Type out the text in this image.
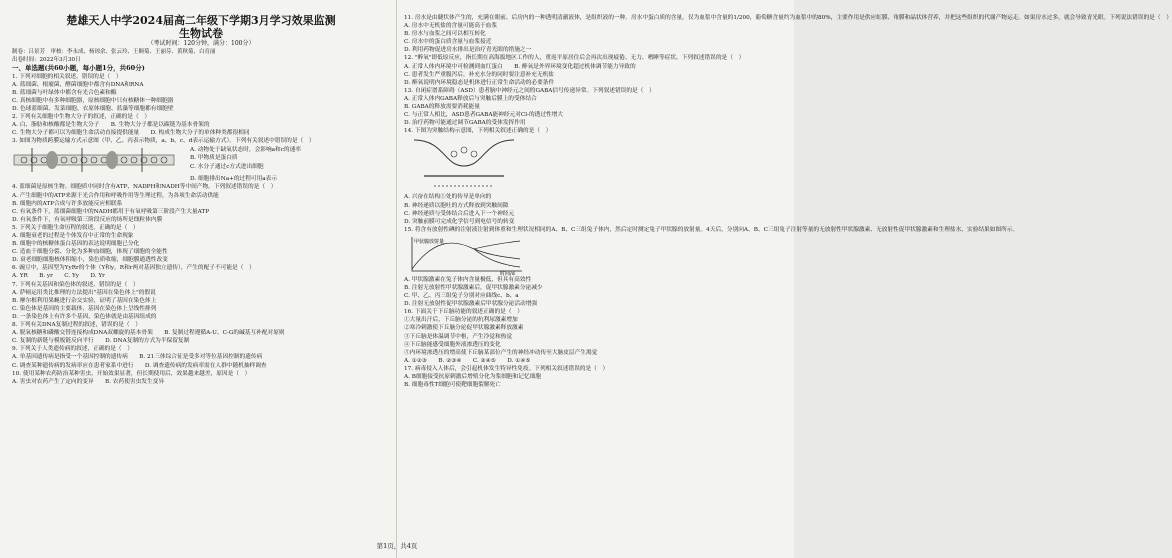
楚雄天人中学2024届高二年级下学期3月学习效果监测
生物试卷
（考试时间：120分钟，满分：100分）
制卷：吕景芳　审核：李永成、杨琼余、张云玲、王顺菊、王丽芬、黄秋菊、白育丽
出卷时间：2022年3月30日
一、单选题(共60小题，每小题1分，共60分)
1. 下列对细胞的相关叙述，错误的是（　）
A. 蓝细菌、根瘤菌、酵菌细胞中都含有DNA和RNA
B. 蓝细菌与叶绿体中都含有光合色素和酶
C. 真核细胞中有多种细胞器，原核细胞中只有核糖体一种细胞器
D. 色球蓝细菌、发菜细胞、衣原体细胞、蓝藻等细胞都有细胞壁
2. 下列有关细胞中生物大分子的叙述，正确的是（　）
A. 白、脂肪和核酸都是生物大分子　　B. 生物大分子都是以碳链为基本骨架的
C. 生物大分子都可以为细胞生命活动直接提供能量　　D. 构成生物大分子的单体种类都很相同
3. 如图为物质跨膜运输方式示意图（甲、乙、丙表示物质，a、b、c、d表示运输方式）。下列有关叙述中错误的是（　）
A. 动物处于缺氧状态时，会影响a和c的速率
B. 甲物质是蛋白质
C. 水分子通过c方式进出细胞
D. 细胞排出Na+的过程可用a表示
4. 蓝细菌是原核生物。细胞质中同时含有ATP、NADPH和NADH等中间产物。下列叙述错误的是（　）
A. 产生细胞中的ATP来源于光合作用和呼吸作用等生理过程，为各项生命活动供能
B. 细胞内的ATP合成与许多放能反应相联系
C. 有氧条件下，蓝细菌细胞中的NADH都用于有氧呼吸第三阶段产生大量ATP
D. 有氧条件下，有氧呼吸第三阶段反应的场所是线粒体内膜
5. 下列关于细胞生命历程的叙述，正确的是（　）
A. 细胞衰老的过程是个体发育中正常的生命现象
B. 细胞中的核糖体蛋白基因的表达说明细胞已分化
C. 造血干细胞分裂、分化为多种血细胞，体现了细胞的全能性
D. 衰老细胞细胞核体积缩小，染色质收缩，细胞膜通透性改变
6. 豌豆中，基因型为YyRr的个体（Y和y，R和r两对基因独立遗传），产生的配子不可能是（　）
A. YR　　B. yr　　C. Yy　　D. Yr
7. 下列有关基因和染色体的叙述，错误的是（　）
A. 萨顿运用类比推理的方法提出"基因在染色体上"的假说
B. 摩尔根利用果蝇进行杂交实验，证明了基因在染色体上
C. 染色体是基因的主要载体，基因在染色体上呈线性排列
D. 一条染色体上有许多个基因，染色体就是由基因组成的
8. 下列有关DNA复制过程的叙述，错误的是（　）
A. 脱氧核糖和磷酸交替连接构成DNA双螺旋的基本骨架　　B. 复制过程遵循A-U、C-G的碱基互补配对原则
C. 复制的新链与模板链反向平行　　D. DNA复制的方式为半保留复制
9. 下列关于人类遗传病的叙述，正确的是（　）
A. 单基因遗传病是指受一个基因控制的遗传病　　B. 21三体综合征是受多对等位基因控制的遗传病
C. 调查某种遗传病的发病率应在患者家系中进行　　D. 调查遗传病的发病率需在人群中随机抽样调查
10. 使用某种农药防治某种害虫，开始效果显著，但长期使用后，效果越来越差，原因是（　）
A. 害虫对农药产生了定向的变异　　B. 农药使害虫发生变异
11. 房水是由睫状体产生的，充满在眼前、后房内的一种透明清澈液体，是组织液的一种。房水中蛋白质的含量，仅为血浆中含量的1/200，葡萄糖含量约为血浆中的80%，主要作用是供应虹膜、角膜和晶状体营养，并把这些组织的代谢产物运走。如果房水过多，就会导致青光眼。下列说法错误的是（　）
A. 房水中无机盐的含量可能高于血浆
B. 房水与血浆之间可以相互转化
C. 房水中的蛋白质含量与血浆接近
D. 利用药物促进房水排出是治疗青光眼的措施之一
12. "醉氧"即低原反应，指长期在高海拔地区工作的人，重返平原居住后会再次出现疲倦、无力、嗜睡等症状。下列叙述错误的是（　）
A. 正常人体内环境中可检测到血红蛋白　　B. 醉氧是外界环境变化超过机体调节能力导致的
C. 患者发生严重腹泻后，补充水分的同时要注意补充无机盐
D. 醉氧说明内环境稳态是机体进行正常生命活动的必要条件
13. 自闭症谱系障碍（ASD）患者脑中神经元之间的GABA信号传递异常。下列叙述错误的是（　）
A. 正常人体内GABA释放后与突触后膜上的受体结合
B. GABA的释放需要消耗能量
C. 与正常人相比，ASD患者GABA能神经元对Cl-的透过性增大
D. 治疗药物可能通过调节GABA的受体发挥作用
14. 下图为突触结构示意图，下列相关叙述正确的是（　）
A. 兴奋在结构①处的传导是单向的
B. 神经递质以胞吐的方式释放到突触间隙
C. 神经递质与受体结合后进入下一个神经元
D. 突触前膜可完成化学信号到电信号的转变
15. 将含有放射性碘的注射液注射到体重和生理状况相同的A、B、C三组兔子体内，然后定时测定兔子甲状腺的放射量。4天后，分别向A、B、C三组兔子注射等量的无放射性甲状腺激素、无放射性促甲状腺激素和生理盐水，实验结果如图所示。
甲状腺放射量
时间/d
A. 甲状腺激素在兔子体内含量极低，但具有高效性
B. 注射无放射性甲状腺激素后，促甲状腺激素分泌减少
C. 甲、乙、丙三组兔子分别对应曲线c、b、a
D. 注射无放射性促甲状腺激素后甲状腺分泌活动增强
16. 下面关于下丘脑功能的叙述正确的是（　）
①大量出汗后，下丘脑分泌的抗利尿激素增加
②寒冷刺激使下丘脑分泌促甲状腺激素释放激素
③下丘脑是体温调节中枢，产生冷觉和热觉
④下丘脑能感受细胞外液渗透压的变化
⑤内环境渗透压的增高使下丘脑某部位产生的神经冲动传至大脑皮层产生渴觉
A. ①②③　　B. ②③④　　C. ②④⑤　　D. ①④⑤
17. 病毒侵入人体后，会引起机体发生特异性免疫。下列相关叙述错误的是（　）
A. B细胞接受抗原刺激后增殖分化为浆细胞和记忆细胞
B. 细胞毒性T细胞可使靶细胞裂解死亡
第1页，共4页
